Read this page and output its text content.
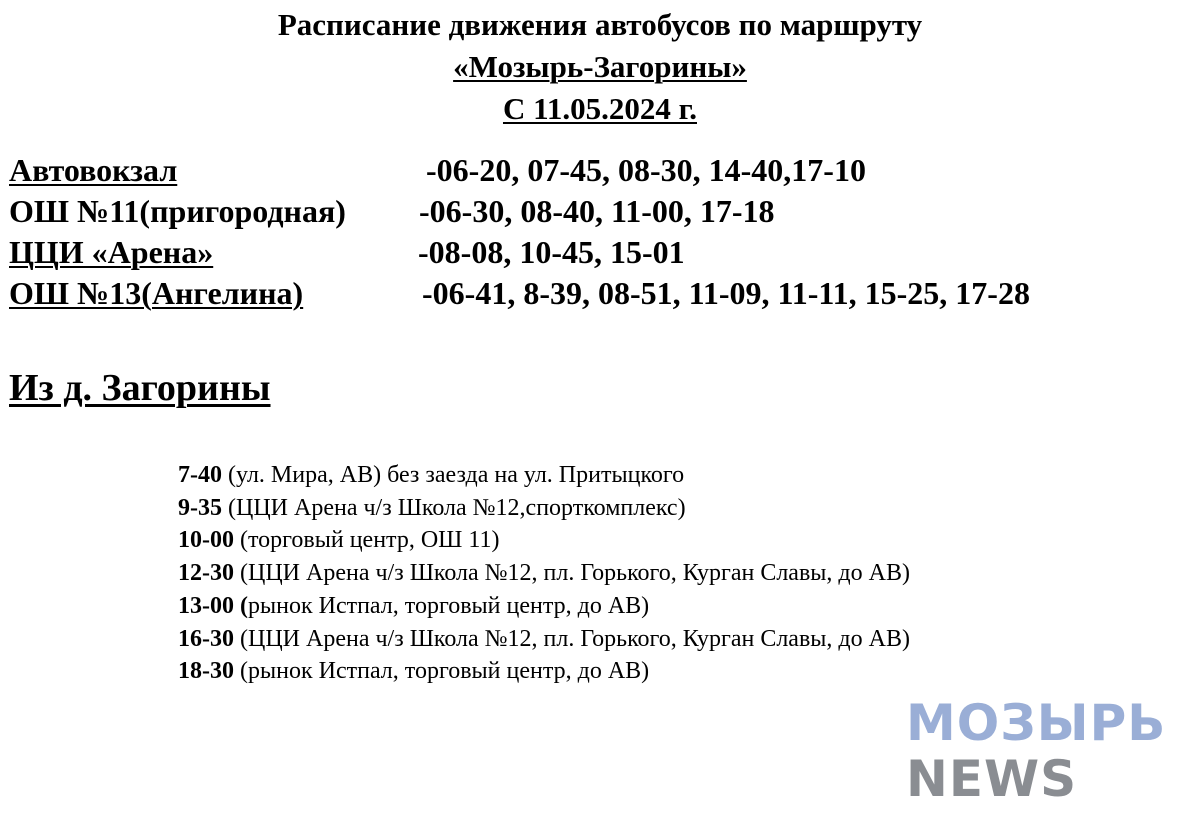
Расписание движения автобусов по маршруту
«Мозырь-Загорины»
С 11.05.2024 г.
Автовокзал	-06-20, 07-45, 08-30, 14-40,17-10
ОШ №11(пригородная) -06-30, 08-40, 11-00, 17-18
ЦЦИ «Арена»	-08-08, 10-45, 15-01
ОШ №13(Ангелина)	-06-41, 8-39, 08-51, 11-09, 11-11, 15-25, 17-28
Из д. Загорины
7-40 (ул. Мира, АВ) без заезда на ул. Притыцкого
9-35 (ЦЦИ Арена ч/з Школа №12,спорткомплекс)
10-00 (торговый центр, ОШ 11)
12-30 (ЦЦИ Арена ч/з Школа №12, пл. Горького, Курган Славы, до АВ)
13-00 (рынок Истпал, торговый центр, до АВ)
16-30 (ЦЦИ Арена ч/з Школа №12, пл. Горького, Курган Славы, до АВ)
18-30 (рынок Истпал, торговый центр, до АВ)
МОЗЫРЬ
NEWS
